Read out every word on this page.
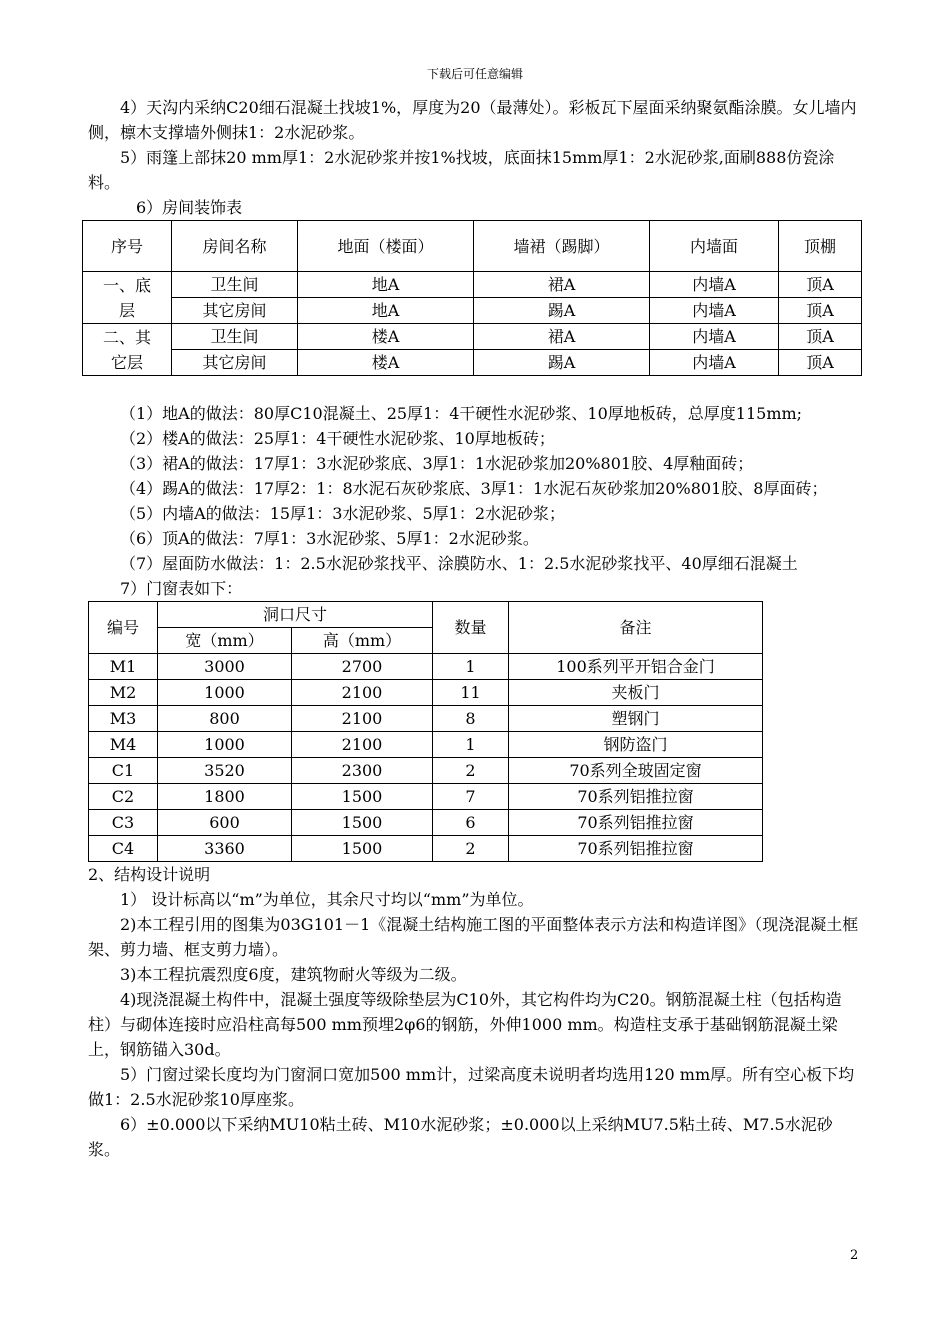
下载后可任意编辑

4）天沟内采纳C20细石混凝土找坡1%，厚度为20（最薄处）。彩板瓦下屋面采纳聚氨酯涂膜。女儿墙内侧，檩木支撑墙外侧抹1：2水泥砂浆。

5）雨篷上部抹20 mm厚1：2水泥砂浆并按1%找坡，底面抹15mm厚1：2水泥砂浆,面刷888仿瓷涂料。

6）房间装饰表

序号	房间名称	地面（楼面）	墙裙（踢脚）	内墙面	顶棚
一、底层	卫生间	地A	裙A	内墙A	顶A
	其它房间	地A	踢A	内墙A	顶A
二、其它层	卫生间	楼A	裙A	内墙A	顶A
	其它房间	楼A	踢A	内墙A	顶A

（1）地A的做法：80厚C10混凝土、25厚1：4干硬性水泥砂浆、10厚地板砖，总厚度115mm;

（2）楼A的做法：25厚1：4干硬性水泥砂浆、10厚地板砖；

（3）裙A的做法：17厚1：3水泥砂浆底、3厚1：1水泥砂浆加20%801胶、4厚釉面砖；

（4）踢A的做法：17厚2：1：8水泥石灰砂浆底、3厚1：1水泥石灰砂浆加20%801胶、8厚面砖；

（5）内墙A的做法：15厚1：3水泥砂浆、5厚1：2水泥砂浆；

（6）顶A的做法：7厚1：3水泥砂浆、5厚1：2水泥砂浆。

（7）屋面防水做法：1：2.5水泥砂浆找平、涂膜防水、1：2.5水泥砂浆找平、40厚细石混凝土

7）门窗表如下：

编号	洞口尺寸		数量	备注
	宽（mm）	高（mm）		
M1	3000	2700	1	100系列平开铝合金门
M2	1000	2100	11	夹板门
M3	800	2100	8	塑钢门
M4	1000	2100	1	钢防盗门
C1	3520	2300	2	70系列全玻固定窗
C2	1800	1500	7	70系列铝推拉窗
C3	600	1500	6	70系列铝推拉窗
C4	3360	1500	2	70系列铝推拉窗

2、结构设计说明

1） 设计标高以“m”为单位，其余尺寸均以“mm”为单位。

2)本工程引用的图集为03G101－1《混凝土结构施工图的平面整体表示方法和构造详图》（现浇混凝土框架、剪力墙、框支剪力墙）。

3)本工程抗震烈度6度，建筑物耐火等级为二级。

4)现浇混凝土构件中，混凝土强度等级除垫层为C10外，其它构件均为C20。钢筋混凝土柱（包括构造柱）与砌体连接时应沿柱高每500 mm预埋2φ6的钢筋，外伸1000 mm。构造柱支承于基础钢筋混凝土梁上，钢筋锚入30d。

5）门窗过梁长度均为门窗洞口宽加500 mm计，过梁高度未说明者均选用120 mm厚。所有空心板下均做1：2.5水泥砂浆10厚座浆。

6）±0.000以下采纳MU10粘土砖、M10水泥砂浆；±0.000以上采纳MU7.5粘土砖、M7.5水泥砂浆。

2
